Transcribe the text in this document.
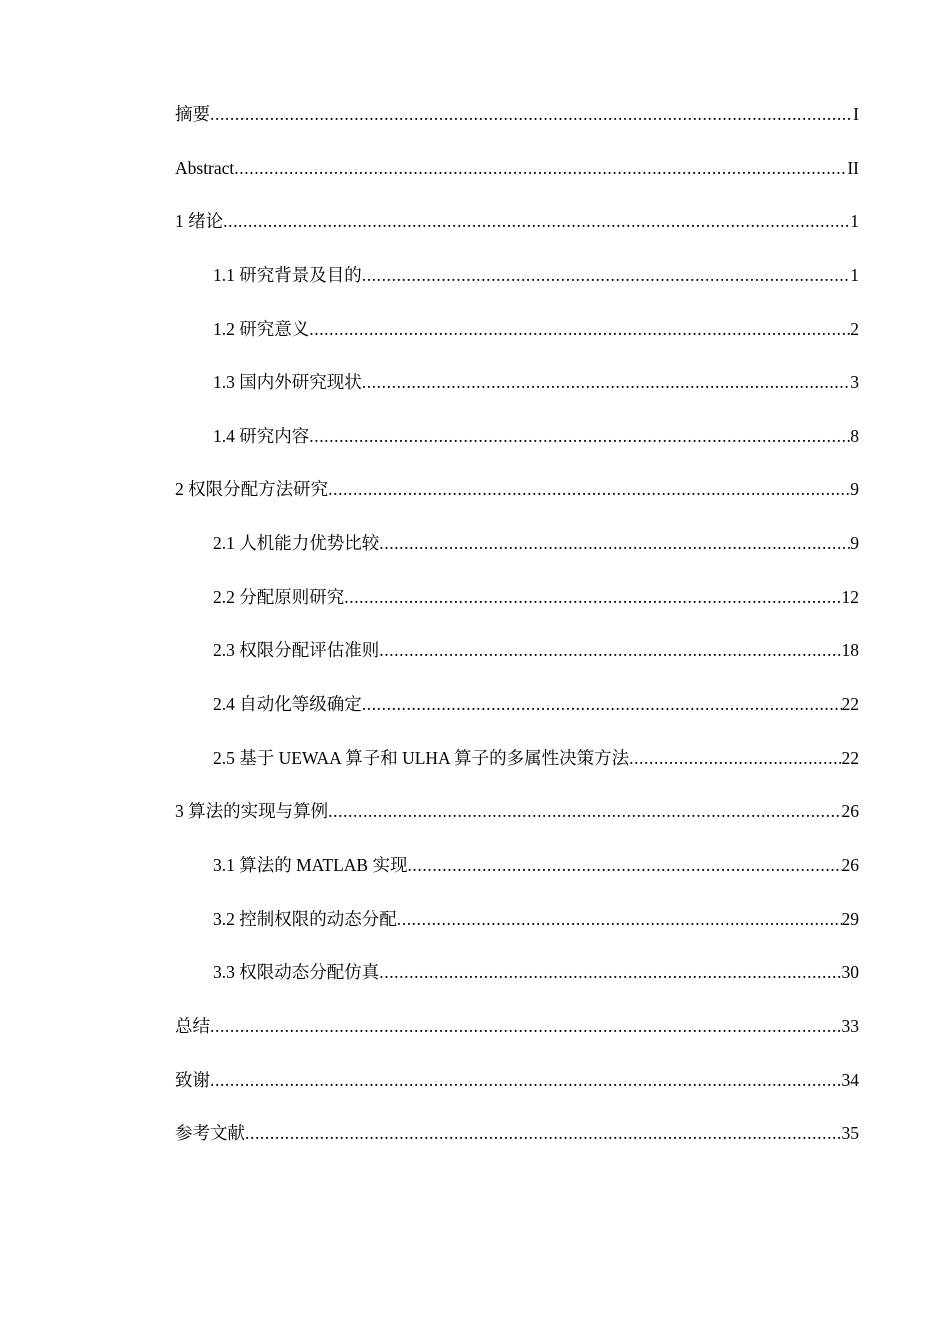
摘要 .....	I
Abstract .....	II
1 绪论 .....	1
1.1 研究背景及目的 .....	1
1.2 研究意义 .....	2
1.3 国内外研究现状 .....	3
1.4 研究内容 .....	8
2 权限分配方法研究 .....	9
2.1 人机能力优势比较 .....	9
2.2 分配原则研究 .....	12
2.3 权限分配评估准则 .....	18
2.4 自动化等级确定 .....	22
2.5 基于 UEWAA 算子和 ULHA 算子的多属性决策方法 .....	22
3 算法的实现与算例 .....	26
3.1 算法的 MATLAB 实现 .....	26
3.2 控制权限的动态分配 .....	29
3.3 权限动态分配仿真 .....	30
总结 .....	33
致谢 .....	34
参考文献 .....	35
